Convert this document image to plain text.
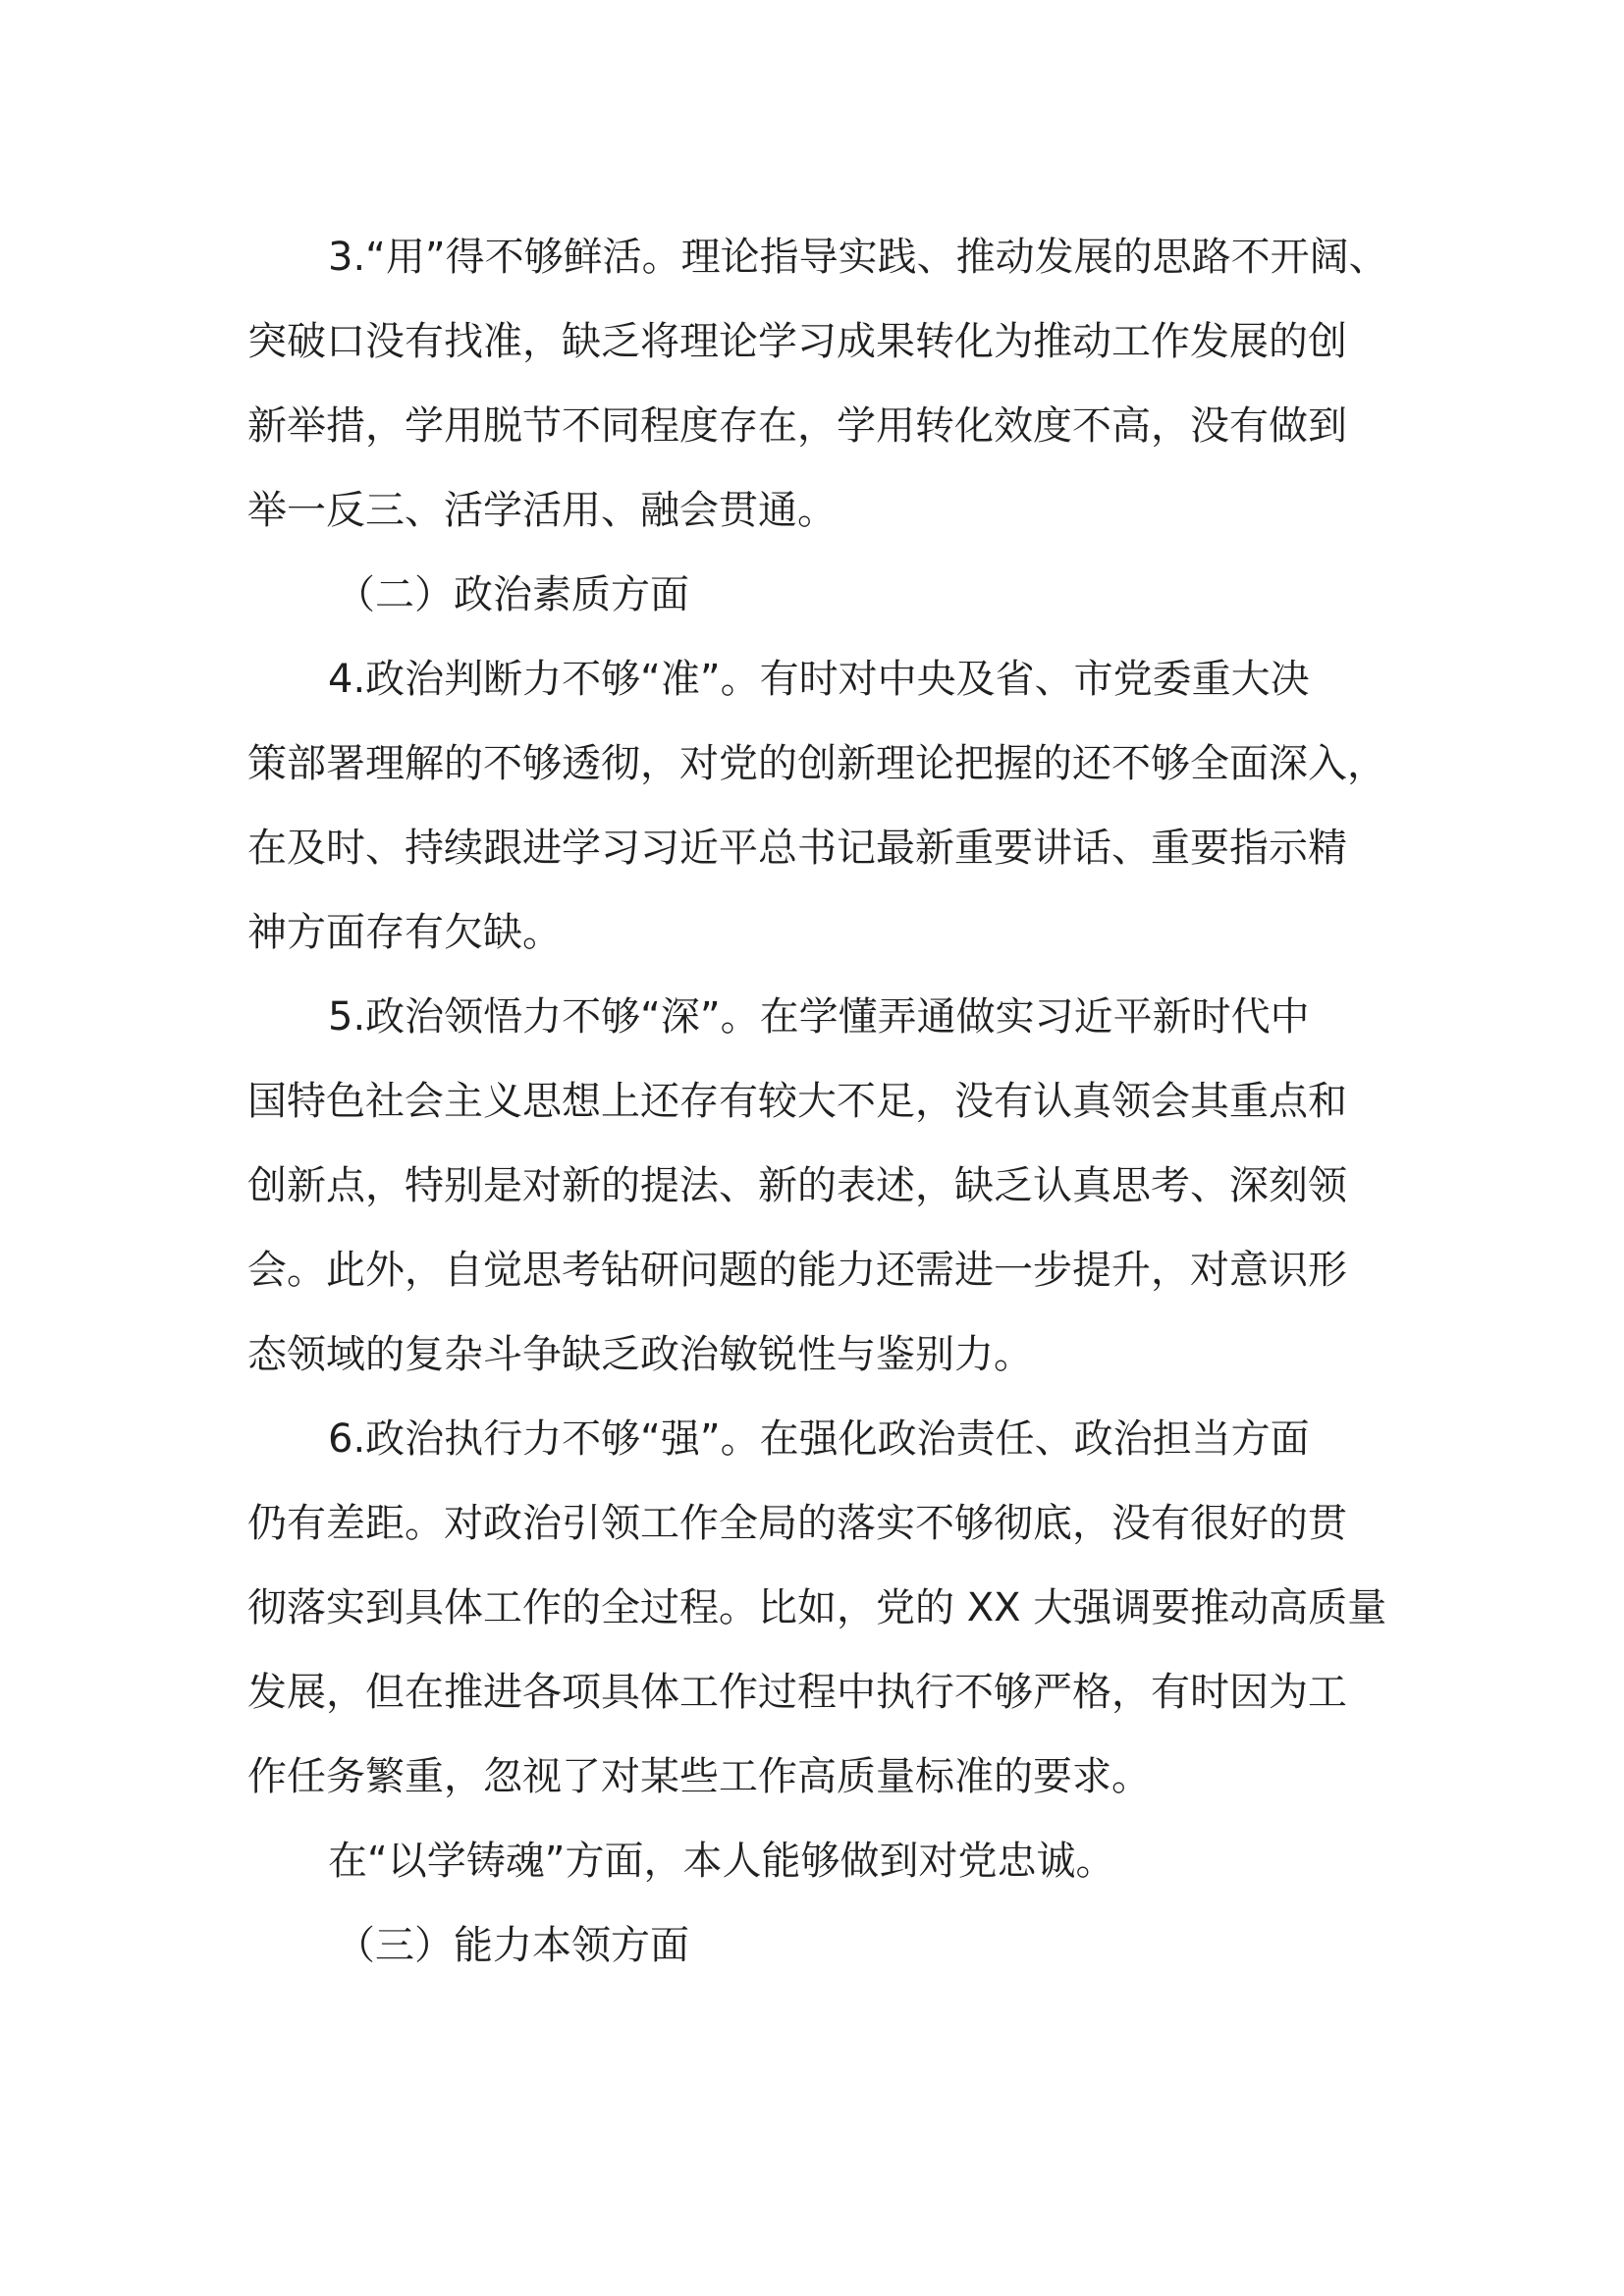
3.“用”得不够鲜活。理论指导实践、推动发展的思路不开阔、
突破口没有找准，缺乏将理论学习成果转化为推动工作发展的创
新举措，学用脱节不同程度存在，学用转化效度不高，没有做到
举一反三、活学活用、融会贯通。
（二）政治素质方面
4.政治判断力不够“准”。有时对中央及省、市党委重大决
策部署理解的不够透彻，对党的创新理论把握的还不够全面深入，
在及时、持续跟进学习习近平总书记最新重要讲话、重要指示精
神方面存有欠缺。
5.政治领悟力不够“深”。在学懂弄通做实习近平新时代中
国特色社会主义思想上还存有较大不足，没有认真领会其重点和
创新点，特别是对新的提法、新的表述，缺乏认真思考、深刻领
会。此外，自觉思考钻研问题的能力还需进一步提升，对意识形
态领域的复杂斗争缺乏政治敏锐性与鉴别力。
6.政治执行力不够“强”。在强化政治责任、政治担当方面
仍有差距。对政治引领工作全局的落实不够彻底，没有很好的贯
彻落实到具体工作的全过程。比如，党的 XX 大强调要推动高质量
发展，但在推进各项具体工作过程中执行不够严格，有时因为工
作任务繁重，忽视了对某些工作高质量标准的要求。
在“以学铸魂”方面，本人能够做到对党忠诚。
（三）能力本领方面
